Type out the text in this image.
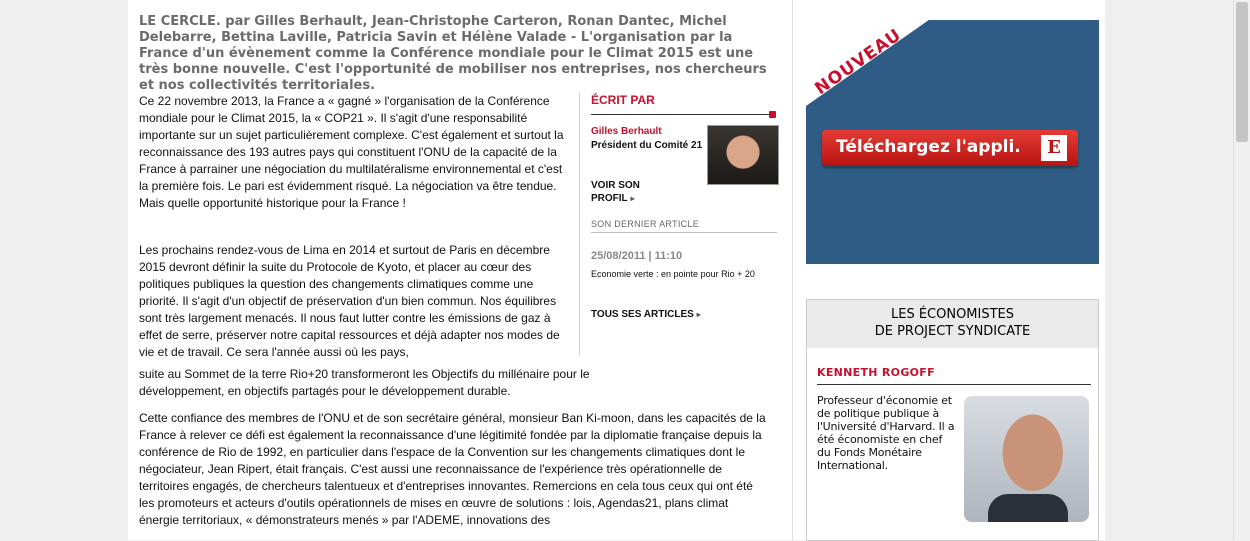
LE CERCLE. par Gilles Berhault, Jean-Christophe Carteron, Ronan Dantec, Michel Delebarre, Bettina Laville, Patricia Savin et Hélène Valade - L'organisation par la France d'un évènement comme la Conférence mondiale pour le Climat 2015 est une très bonne nouvelle. C'est l'opportunité de mobiliser nos entreprises, nos chercheurs et nos collectivités territoriales.

Ce 22 novembre 2013, la France a « gagné » l'organisation de la Conférence mondiale pour le Climat 2015, la « COP21 ». Il s'agit d'une responsabilité importante sur un sujet particulièrement complexe. C'est également et surtout la reconnaissance des 193 autres pays qui constituent l'ONU de la capacité de la France à parrainer une négociation du multilatéralisme environnemental et c'est la première fois. Le pari est évidemment risqué. La négociation va être tendue. Mais quelle opportunité historique pour la France !

Les prochains rendez-vous de Lima en 2014 et surtout de Paris en décembre 2015 devront définir la suite du Protocole de Kyoto, et placer au cœur des politiques publiques la question des changements climatiques comme une priorité. Il s'agit d'un objectif de préservation d'un bien commun. Nos équilibres sont très largement menacés. Il nous faut lutter contre les émissions de gaz à effet de serre, préserver notre capital ressources et déjà adapter nos modes de vie et de travail. Ce sera l'année aussi où les pays,

suite au Sommet de la terre Rio+20 transformeront les Objectifs du millénaire pour le développement, en objectifs partagés pour le développement durable.

Cette confiance des membres de l'ONU et de son secrétaire général, monsieur Ban Ki-moon, dans les capacités de la France à relever ce défi est également la reconnaissance d'une légitimité fondée par la diplomatie française depuis la conférence de Rio de 1992, en particulier dans l'espace de la Convention sur les changements climatiques dont le négociateur, Jean Ripert, était français. C'est aussi une reconnaissance de l'expérience très opérationnelle de territoires engagés, de chercheurs talentueux et d'entreprises innovantes. Remercions en cela tous ceux qui ont été les promoteurs et acteurs d'outils opérationnels de mises en œuvre de solutions : lois, Agendas21, plans climat énergie territoriaux, « démonstrateurs menés » par l'ADEME, innovations des

ÉCRIT PAR
Gilles Berhault
Président du Comité 21
VOIR SON PROFIL ▸
SON DERNIER ARTICLE
25/08/2011 | 11:10
Economie verte : en pointe pour Rio + 20
TOUS SES ARTICLES ▸
NOUVEAU
Téléchargez l'appli.	E
LES ÉCONOMISTES
DE PROJECT SYNDICATE
KENNETH ROGOFF
Professeur d'économie et de politique publique à l'Université d'Harvard. Il a été économiste en chef du Fonds Monétaire International.
